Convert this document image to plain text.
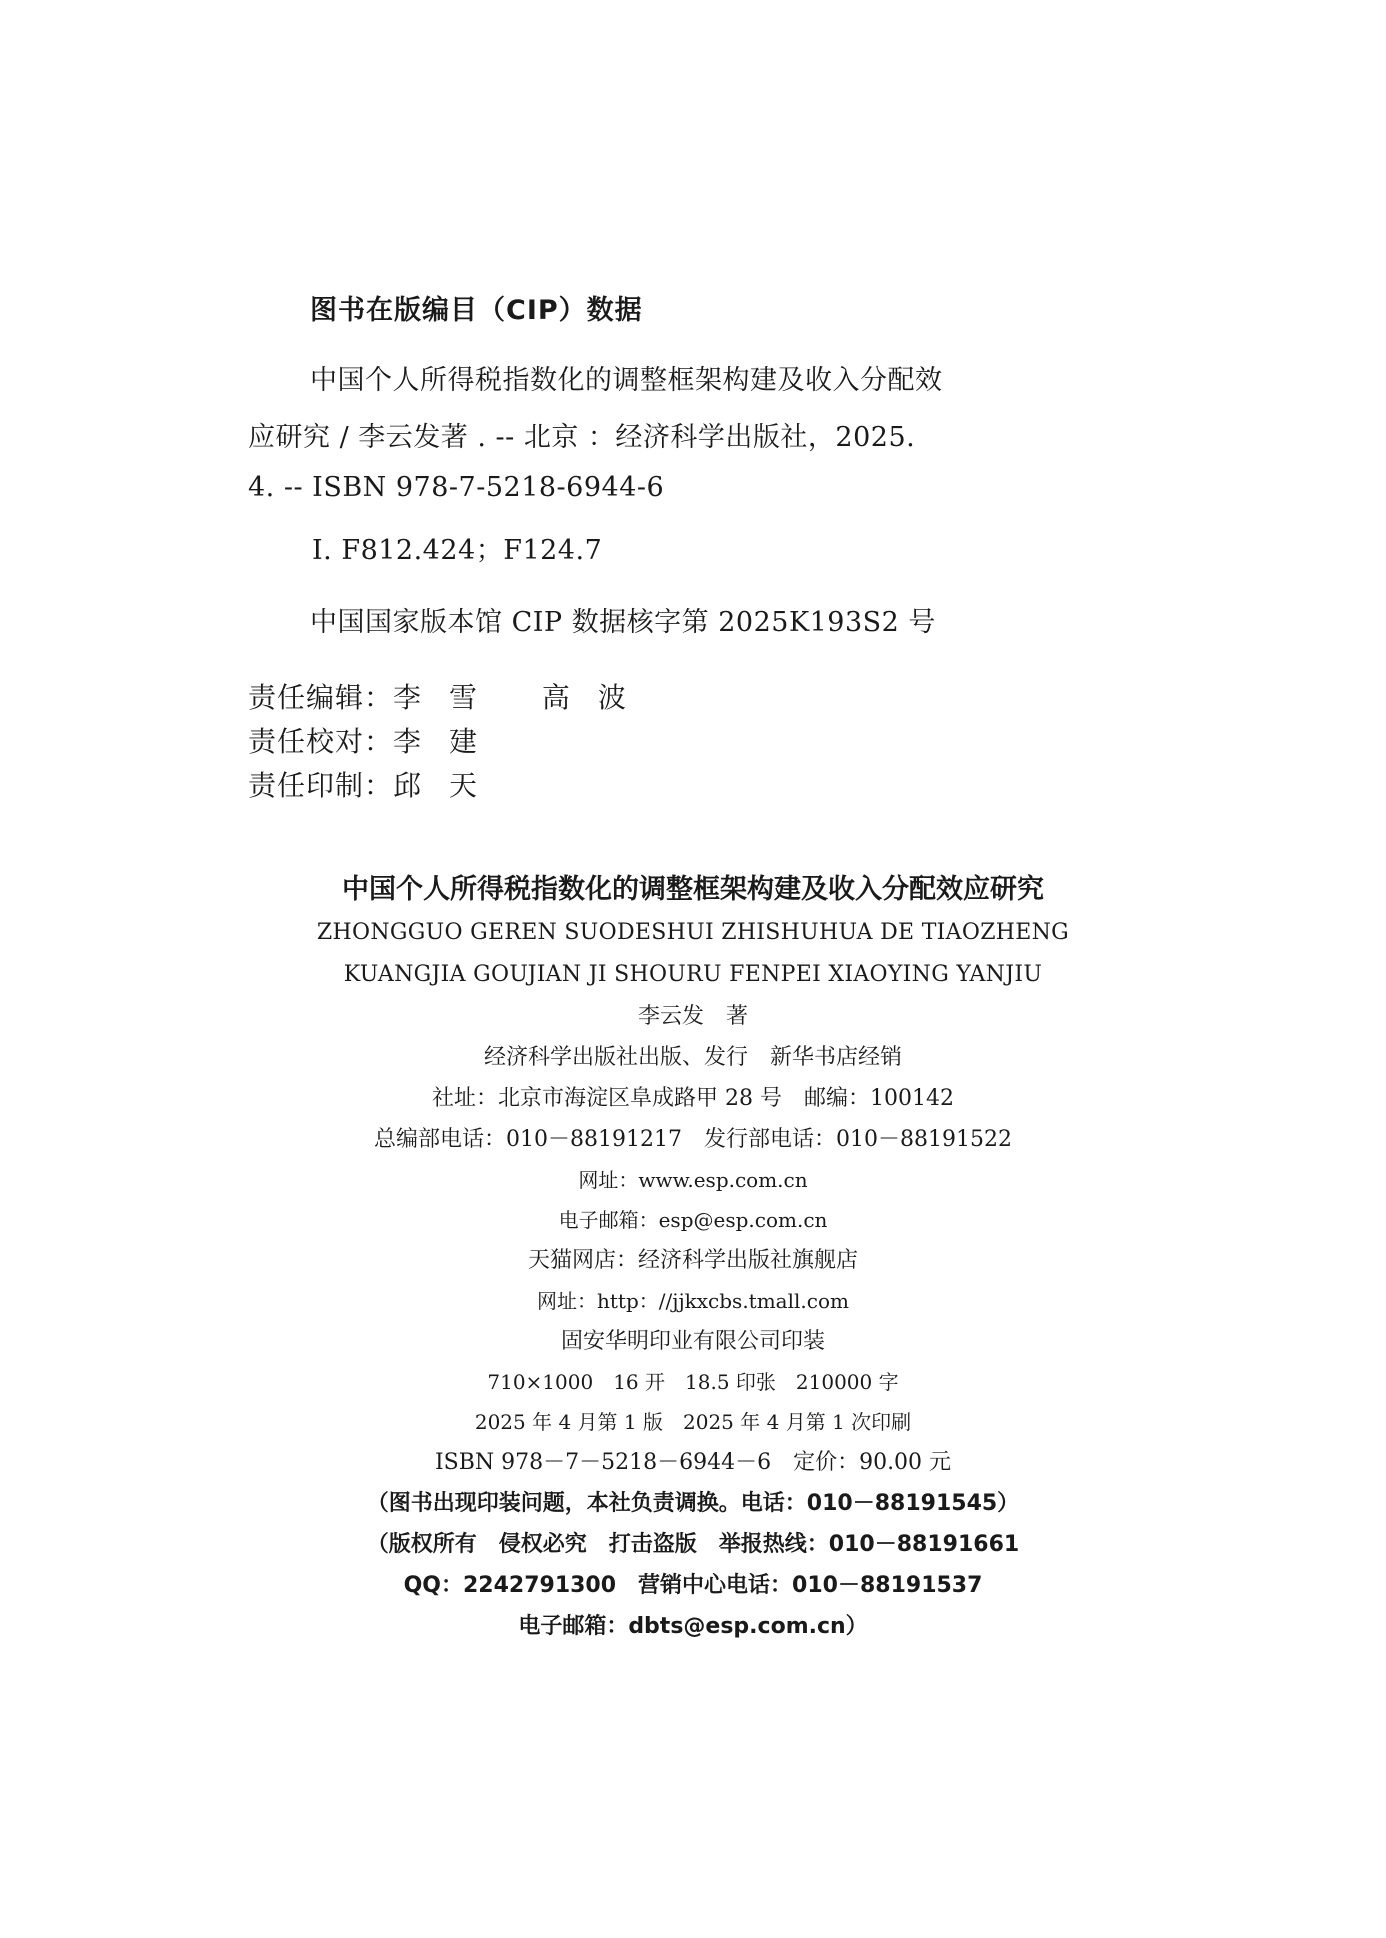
图书在版编目（CIP）数据
中国个人所得税指数化的调整框架构建及收入分配效
应研究 / 李云发著 . -- 北京 ：经济科学出版社，2025.
4. -- ISBN 978-7-5218-6944-6
Ⅰ. F812.424；F124.7
中国国家版本馆 CIP 数据核字第 2025K193S2 号
责任编辑：李雪 高波
责任校对：李建
责任印制：邱天
中国个人所得税指数化的调整框架构建及收入分配效应研究
ZHONGGUO GEREN SUODESHUI ZHISHUHUA DE TIAOZHENG
KUANGJIA GOUJIAN JI SHOURU FENPEI XIAOYING YANJIU
李云发　著
经济科学出版社出版、发行　新华书店经销
社址：北京市海淀区阜成路甲 28 号　邮编：100142
总编部电话：010－88191217　发行部电话：010－88191522
网址：www.esp.com.cn
电子邮箱：esp@esp.com.cn
天猫网店：经济科学出版社旗舰店
网址：http：//jjkxcbs.tmall.com
固安华明印业有限公司印装
710×1000　16 开　18.5 印张　210000 字
2025 年 4 月第 1 版　2025 年 4 月第 1 次印刷
ISBN 978－7－5218－6944－6　定价：90.00 元
（图书出现印装问题，本社负责调换。电话：010－88191545）
（版权所有　侵权必究　打击盗版　举报热线：010－88191661
QQ：2242791300　营销中心电话：010－88191537
电子邮箱：dbts@esp.com.cn）
